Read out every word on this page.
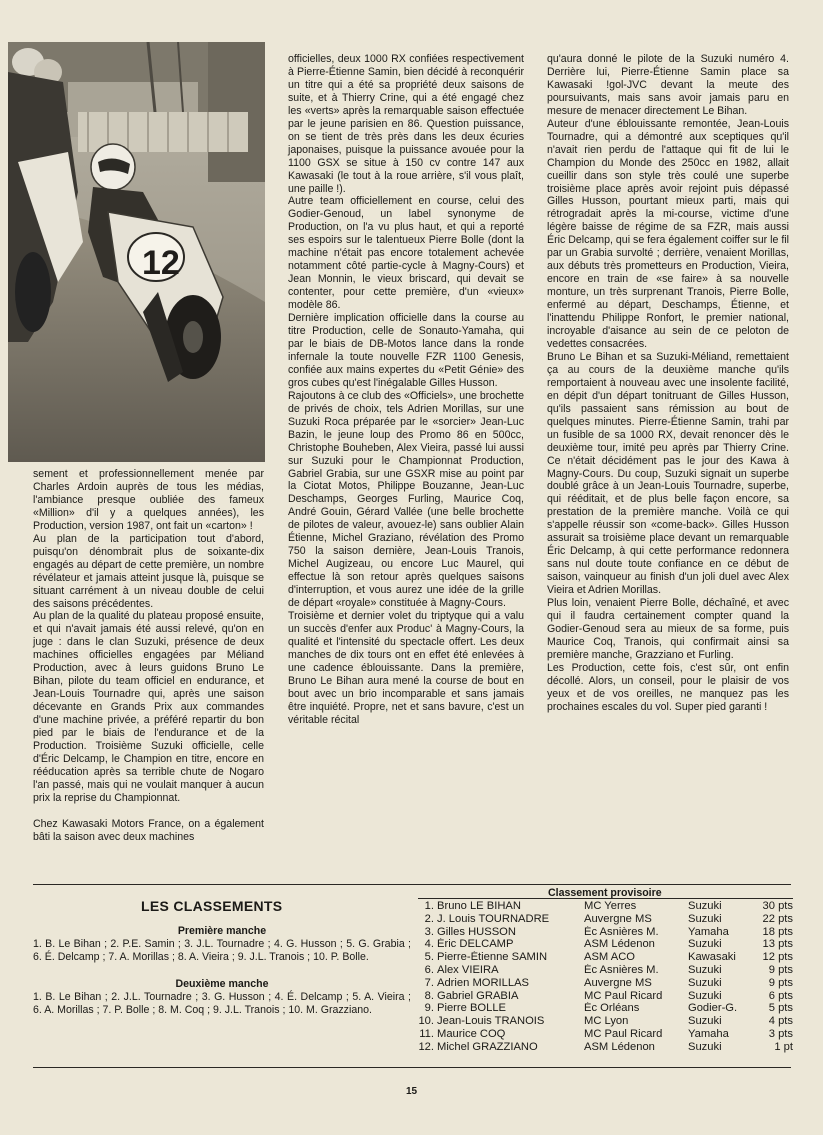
12

sement et professionnellement menée par Charles Ardoin auprès de tous les médias, l'ambiance presque oubliée des fameux «Million» d'il y a quelques années), les Production, version 1987, ont fait un «carton» !

Au plan de la participation tout d'abord, puisqu'on dénombrait plus de soixante-dix engagés au départ de cette première, un nombre révélateur et jamais atteint jusque là, puisque se situant carrément à un niveau double de celui des saisons précédentes.

Au plan de la qualité du plateau proposé ensuite, et qui n'avait jamais été aussi relevé, qu'on en juge : dans le clan Suzuki, présence de deux machines officielles engagées par Méliand Production, avec à leurs guidons Bruno Le Bihan, pilote du team officiel en endurance, et Jean-Louis Tournadre qui, après une saison décevante en Grands Prix aux commandes d'une machine privée, a préféré repartir du bon pied par le biais de l'endurance et de la Production. Troisième Suzuki officielle, celle d'Éric Delcamp, le Champion en titre, encore en rééducation après sa terrible chute de Nogaro l'an passé, mais qui ne voulait manquer à aucun prix la reprise du Championnat.

Chez Kawasaki Motors France, on a également bâti la saison avec deux machines

officielles, deux 1000 RX confiées respectivement à Pierre-Étienne Samin, bien décidé à reconquérir un titre qui a été sa propriété deux saisons de suite, et à Thierry Crine, qui a été engagé chez les «verts» après la remarquable saison effectuée par le jeune parisien en 86. Question puissance, on se tient de très près dans les deux écuries japonaises, puisque la puissance avouée pour la 1100 GSX se situe à 150 cv contre 147 aux Kawasaki (le tout à la roue arrière, s'il vous plaît, une paille !).

Autre team officiellement en course, celui des Godier-Genoud, un label synonyme de Production, on l'a vu plus haut, et qui a reporté ses espoirs sur le talentueux Pierre Bolle (dont la machine n'était pas encore totalement achevée notamment côté partie-cycle à Magny-Cours) et Jean Monnin, le vieux briscard, qui devait se contenter, pour cette première, d'un «vieux» modèle 86.

Dernière implication officielle dans la course au titre Production, celle de Sonauto-Yamaha, qui par le biais de DB-Motos lance dans la ronde infernale la toute nouvelle FZR 1100 Genesis, confiée aux mains expertes du «Petit Génie» des gros cubes qu'est l'inégalable Gilles Husson.

Rajoutons à ce club des «Officiels», une brochette de privés de choix, tels Adrien Morillas, sur une Suzuki Roca préparée par le «sorcier» Jean-Luc Bazin, le jeune loup des Promo 86 en 500cc, Christophe Bouheben, Alex Vieira, passé lui aussi sur Suzuki pour le Championnat Production, Gabriel Grabia, sur une GSXR mise au point par la Ciotat Motos, Philippe Bouzanne, Jean-Luc Deschamps, Georges Furling, Maurice Coq, André Gouin, Gérard Vallée (une belle brochette de pilotes de valeur, avouez-le) sans oublier Alain Étienne, Michel Graziano, révélation des Promo 750 la saison dernière, Jean-Louis Tranois, Michel Augizeau, ou encore Luc Maurel, qui effectue là son retour après quelques saisons d'interruption, et vous aurez une idée de la grille de départ «royale» constituée à Magny-Cours.

Troisième et dernier volet du triptyque qui a valu un succès d'enfer aux Produc' à Magny-Cours, la qualité et l'intensité du spectacle offert. Les deux manches de dix tours ont en effet été enlevées à une cadence éblouissante. Dans la première, Bruno Le Bihan aura mené la course de bout en bout avec un brio incomparable et sans jamais être inquiété. Propre, net et sans bavure, c'est un véritable récital

qu'aura donné le pilote de la Suzuki numéro 4. Derrière lui, Pierre-Étienne Samin place sa Kawasaki !gol-JVC devant la meute des poursuivants, mais sans avoir jamais paru en mesure de menacer directement Le Bihan.

Auteur d'une éblouissante remontée, Jean-Louis Tournadre, qui a démontré aux sceptiques qu'il n'avait rien perdu de l'attaque qui fit de lui le Champion du Monde des 250cc en 1982, allait cueillir dans son style très coulé une superbe troisième place après avoir rejoint puis dépassé Gilles Husson, pourtant mieux parti, mais qui rétrogradait après la mi-course, victime d'une légère baisse de régime de sa FZR, mais aussi Éric Delcamp, qui se fera également coiffer sur le fil par un Grabia survolté ; derrière, venaient Morillas, aux débuts très prometteurs en Production, Vieira, encore en train de «se faire» à sa nouvelle monture, un très surprenant Tranois, Pierre Bolle, enfermé au départ, Deschamps, Étienne, et l'inattendu Philippe Ronfort, le premier national, incroyable d'aisance au sein de ce peloton de vedettes consacrées.

Bruno Le Bihan et sa Suzuki-Méliand, remettaient ça au cours de la deuxième manche qu'ils remportaient à nouveau avec une insolente facilité, en dépit d'un départ tonitruant de Gilles Husson, qu'ils passaient sans rémission au bout de quelques minutes. Pierre-Étienne Samin, trahi par un fusible de sa 1000 RX, devait renoncer dès le deuxième tour, imité peu après par Thierry Crine. Ce n'était décidément pas le jour des Kawa à Magny-Cours. Du coup, Suzuki signait un superbe doublé grâce à un Jean-Louis Tournadre, superbe, qui rééditait, et de plus belle façon encore, sa prestation de la première manche. Voilà ce qui s'appelle réussir son «come-back». Gilles Husson assurait sa troisième place devant un remarquable Éric Delcamp, à qui cette performance redonnera sans nul doute toute confiance en ce début de saison, vainqueur au finish d'un joli duel avec Alex Vieira et Adrien Morillas.

Plus loin, venaient Pierre Bolle, déchaîné, et avec qui il faudra certainement compter quand la Godier-Genoud sera au mieux de sa forme, puis Maurice Coq, Tranois, qui confirmait ainsi sa première manche, Grazziano et Furling.

Les Production, cette fois, c'est sûr, ont enfin décollé. Alors, un conseil, pour le plaisir de vos yeux et de vos oreilles, ne manquez pas les prochaines escales du vol. Super pied garanti !

LES CLASSEMENTS
Première manche

1. B. Le Bihan ; 2. P.E. Samin ; 3. J.L. Tournadre ; 4. G. Husson ; 5. G. Grabia ; 6. É. Delcamp ; 7. A. Morillas ; 8. A. Vieira ; 9. J.L. Tranois ; 10. P. Bolle.

Deuxième manche

1. B. Le Bihan ; 2. J.L. Tournadre ; 3. G. Husson ; 4. É. Delcamp ; 5. A. Vieira ; 6. A. Morillas ; 7. P. Bolle ; 8. M. Coq ; 9. J.L. Tranois ; 10. M. Grazziano.

Classement provisoire
1. Bruno LE BIHAN	MC Yerres	Suzuki	30 pts
2. J. Louis TOURNADRE	Auvergne MS	Suzuki	22 pts
3. Gilles HUSSON	Éc Asnières M.	Yamaha	18 pts
4. Éric DELCAMP	ASM Lédenon	Suzuki	13 pts
5. Pierre-Étienne SAMIN	ASM ACO	Kawasaki	12 pts
6. Alex VIEIRA	Éc Asnières M.	Suzuki	9 pts
7. Adrien MORILLAS	Auvergne MS	Suzuki	9 pts
8. Gabriel GRABIA	MC Paul Ricard	Suzuki	6 pts
9. Pierre BOLLE	Éc Orléans	Godier-G.	5 pts
10. Jean-Louis TRANOIS	MC Lyon	Suzuki	4 pts
11. Maurice COQ	MC Paul Ricard	Yamaha	3 pts
12. Michel GRAZZIANO	ASM Lédenon	Suzuki	1 pt
15
